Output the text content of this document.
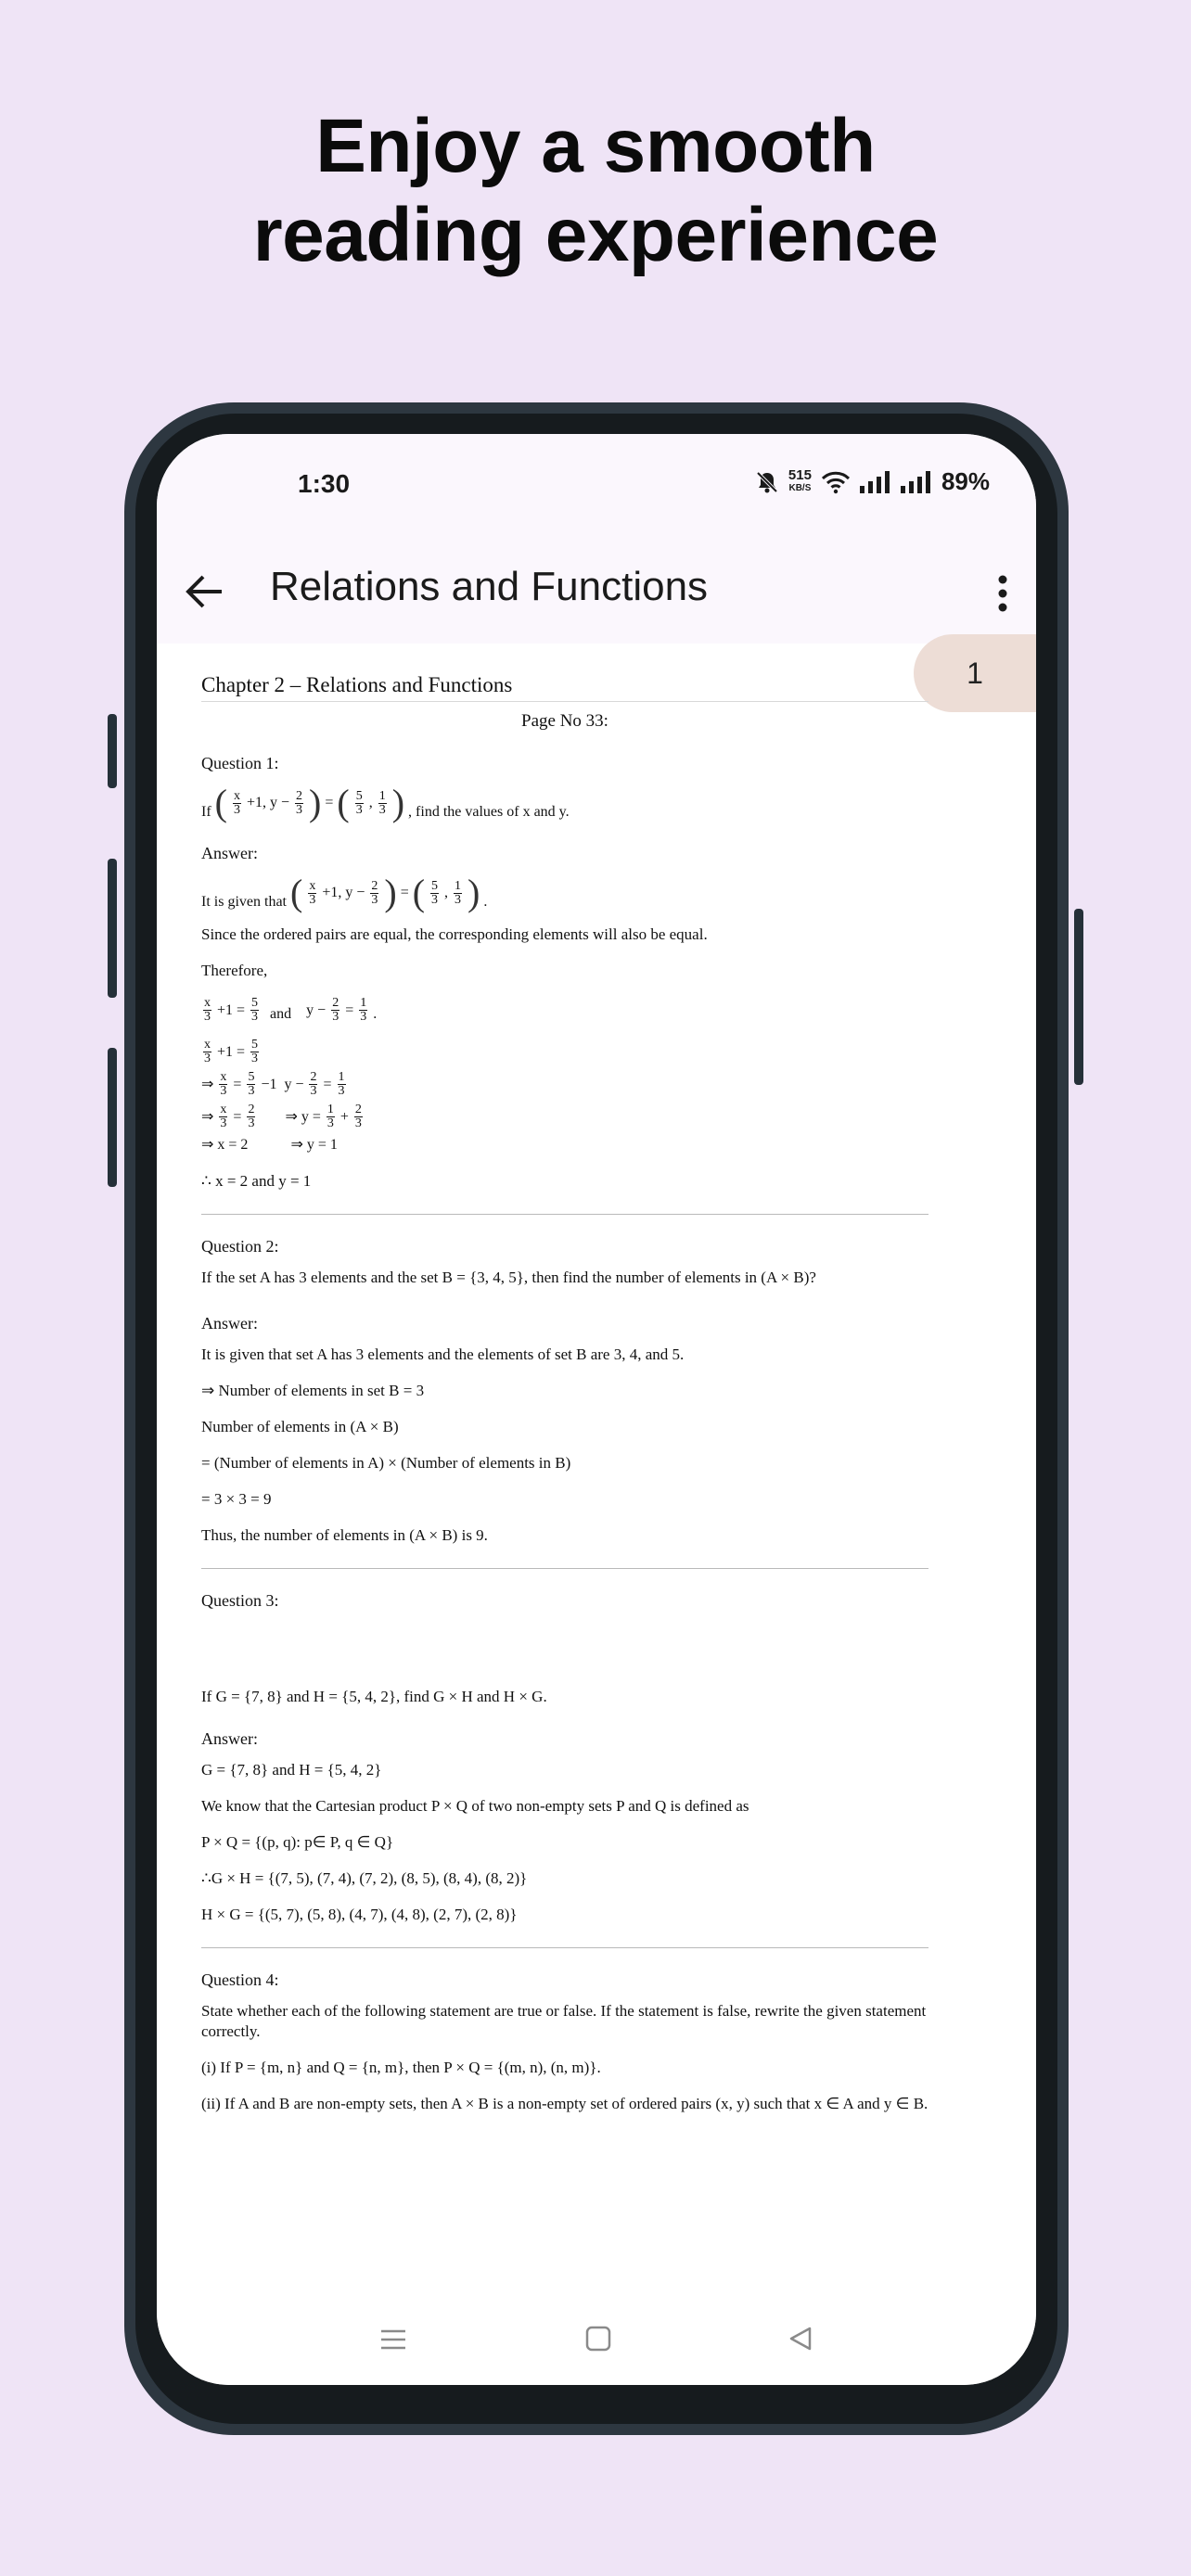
Enjoy a smooth
reading experience
1:30	515
KB/S	89%
Relations and Functions
1
Chapter 2 – Relations and Functions
Page No 33:
Question 1:
If ( $\frac{x}{3} +1$, $y - \frac{2}{3}$ ) = ( $\frac{5}{3}$ , $\frac{1}{3}$ ) , find the values of x and y.
Answer:
It is given that ( $\frac{x}{3} +1$, $y - \frac{2}{3}$ ) = ( $\frac{5}{3}$ , $\frac{1}{3}$ ) .

Since the ordered pairs are equal, the corresponding elements will also be equal.

Therefore,

$\frac{x}{3} +1 = \frac{5}{3}$ and $y - \frac{2}{3} = \frac{1}{3}$ .
$\frac{x}{3} +1 = \frac{5}{3}$
⇒ $\frac{x}{3} = \frac{5}{3} -1$  $y - \frac{2}{3} = \frac{1}{3}$
⇒ $\frac{x}{3} = \frac{2}{3}$ ⇒ $y = \frac{1}{3} + \frac{2}{3}$
⇒ x = 2	⇒ y = 1

∴ x = 2 and y = 1

Question 2:

If the set A has 3 elements and the set B = {3, 4, 5}, then find the number of elements in (A × B)?

Answer:

It is given that set A has 3 elements and the elements of set B are 3, 4, and 5.

⇒ Number of elements in set B = 3

Number of elements in (A × B)

= (Number of elements in A) × (Number of elements in B)

= 3 × 3 = 9

Thus, the number of elements in (A × B) is 9.

Question 3:

If G = {7, 8} and H = {5, 4, 2}, find G × H and H × G.

Answer:

G = {7, 8} and H = {5, 4, 2}

We know that the Cartesian product P × Q of two non-empty sets P and Q is defined as

P × Q = {(p, q): p∈ P, q ∈ Q}

∴G × H = {(7, 5), (7, 4), (7, 2), (8, 5), (8, 4), (8, 2)}

H × G = {(5, 7), (5, 8), (4, 7), (4, 8), (2, 7), (2, 8)}

Question 4:

State whether each of the following statement are true or false. If the statement is false, rewrite the given statement correctly.

(i) If P = {m, n} and Q = {n, m}, then P × Q = {(m, n), (n, m)}.

(ii) If A and B are non-empty sets, then A × B is a non-empty set of ordered pairs (x, y) such that x ∈ A and y ∈ B.
